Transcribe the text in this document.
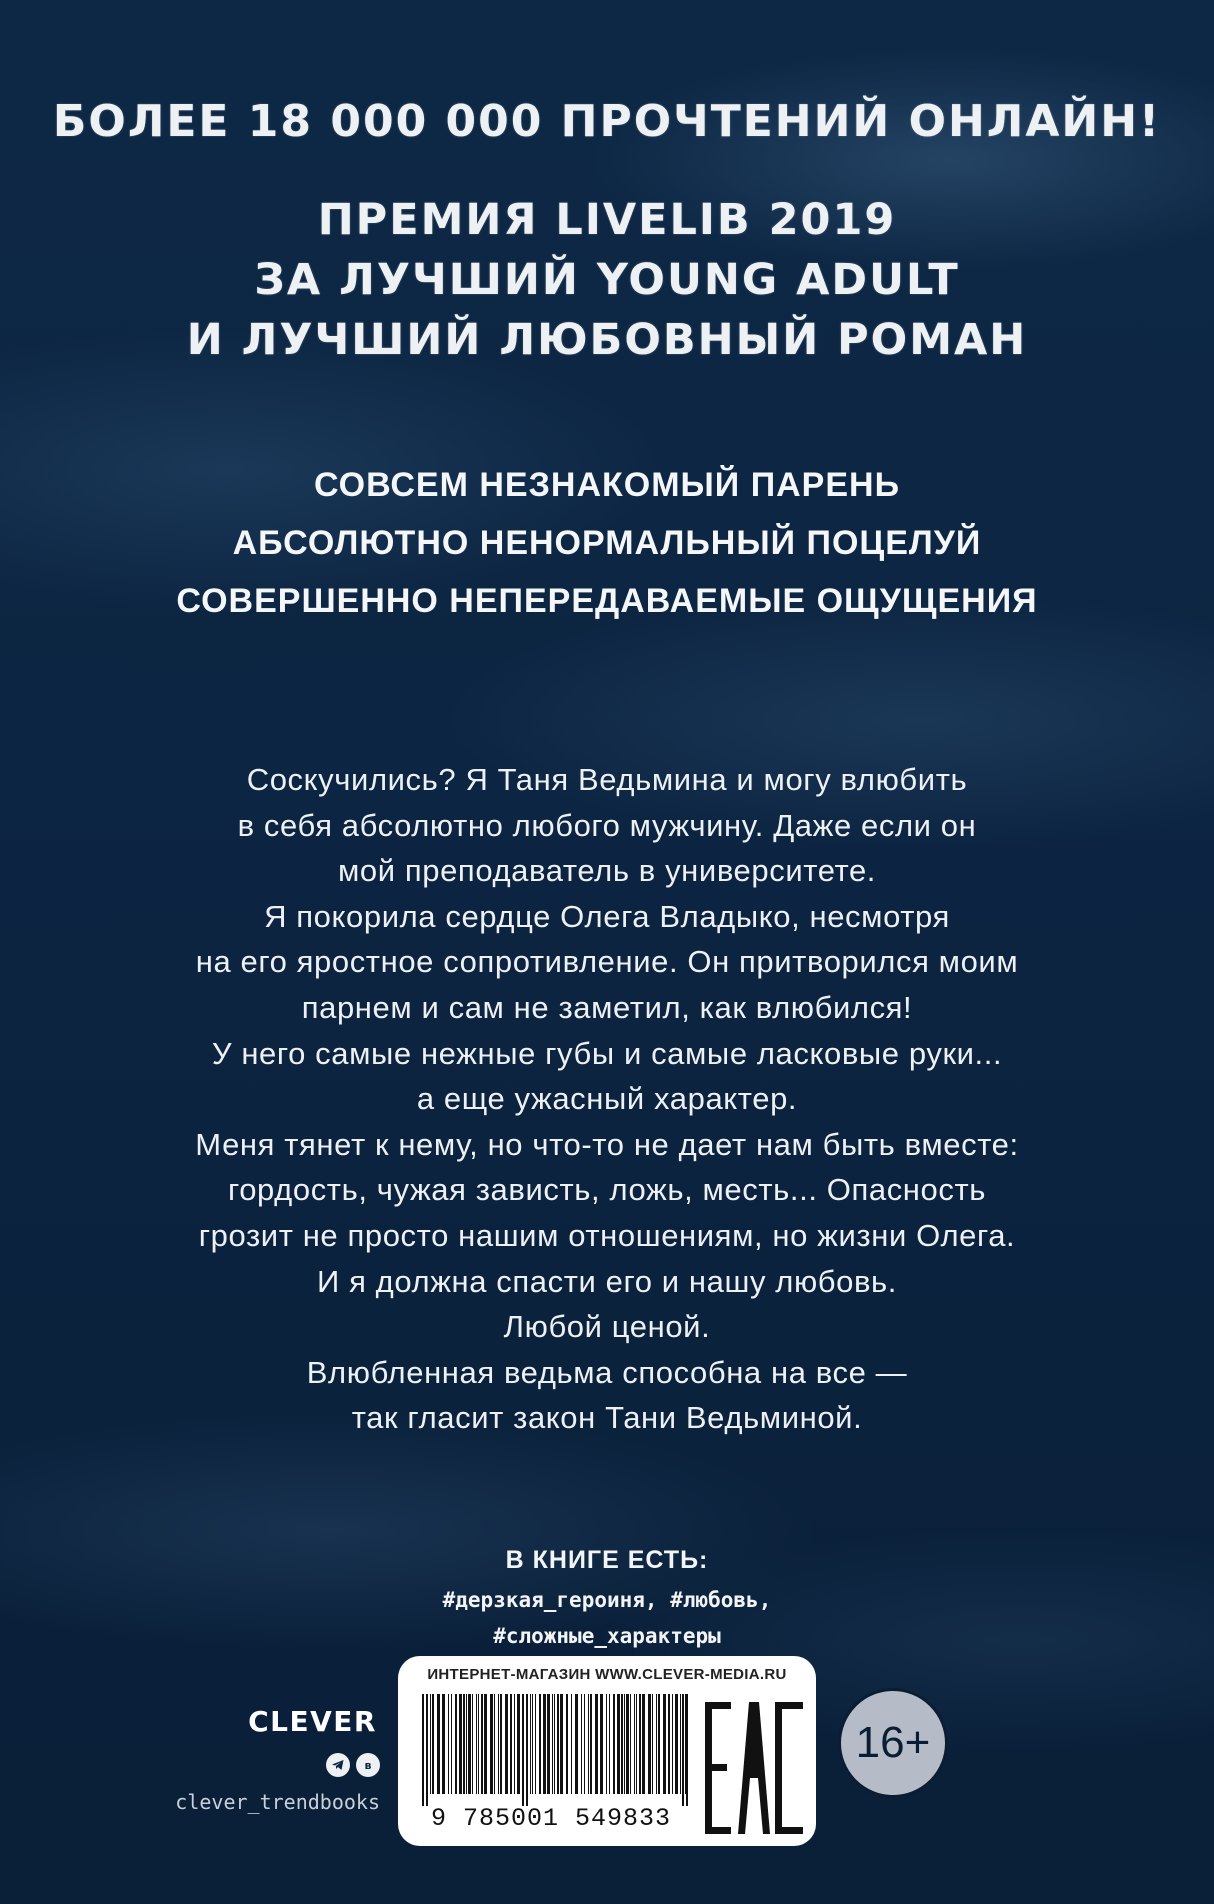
БОЛЕЕ 18 000 000 ПРОЧТЕНИЙ ОНЛАЙН!
ПРЕМИЯ LIVELIB 2019
ЗА ЛУЧШИЙ YOUNG ADULT
И ЛУЧШИЙ ЛЮБОВНЫЙ РОМАН
СОВСЕМ НЕЗНАКОМЫЙ ПАРЕНЬ
АБСОЛЮТНО НЕНОРМАЛЬНЫЙ ПОЦЕЛУЙ
СОВЕРШЕННО НЕПЕРЕДАВАЕМЫЕ ОЩУЩЕНИЯ
Соскучились? Я Таня Ведьмина и могу влюбить
в себя абсолютно любого мужчину. Даже если он
мой преподаватель в университете.
Я покорила сердце Олега Владыко, несмотря
на его яростное сопротивление. Он притворился моим
парнем и сам не заметил, как влюбился!
У него самые нежные губы и самые ласковые руки...
а еще ужасный характер.
Меня тянет к нему, но что-то не дает нам быть вместе:
гордость, чужая зависть, ложь, месть... Опасность
грозит не просто нашим отношениям, но жизни Олега.
И я должна спасти его и нашу любовь.
Любой ценой.
Влюбленная ведьма способна на все —
так гласит закон Тани Ведьминой.
В КНИГЕ ЕСТЬ:
#дерзкая_героиня, #любовь,
#сложные_характеры
CLEVER
в
clever_trendbooks
ИНТЕРНЕТ-МАГАЗИН WWW.CLEVER-MEDIA.RU
9 785001 549833
16+
